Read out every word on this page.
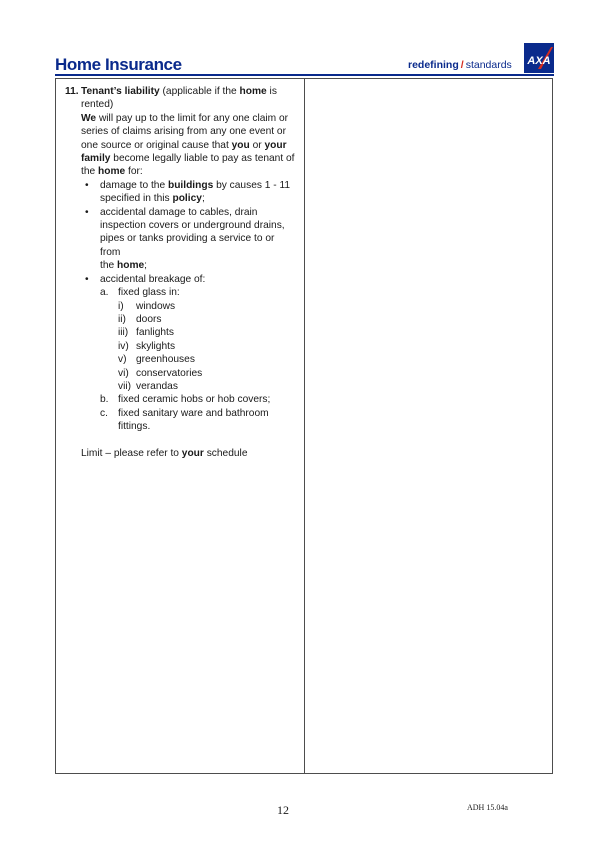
Home Insurance	redefining / standards AXA

11. Tenant’s liability (applicable if the home is

rented)

We will pay up to the limit for any one claim or

series of claims arising from any one event or

one source or original cause that you or your

family become legally liable to pay as tenant of

the home for:

• damage to the buildings by causes 1 - 11

specified in this policy;

• accidental damage to cables, drain

inspection covers or underground drains,

pipes or tanks providing a service to or from

the home;

• accidental breakage of:

a. fixed glass in:

i) windows

ii) doors

iii) fanlights

iv) skylights

v) greenhouses

vi) conservatories

vii) verandas

b. fixed ceramic hobs or hob covers;

c. fixed sanitary ware and bathroom

fittings.

Limit – please refer to your schedule

12	ADH 15.04a
